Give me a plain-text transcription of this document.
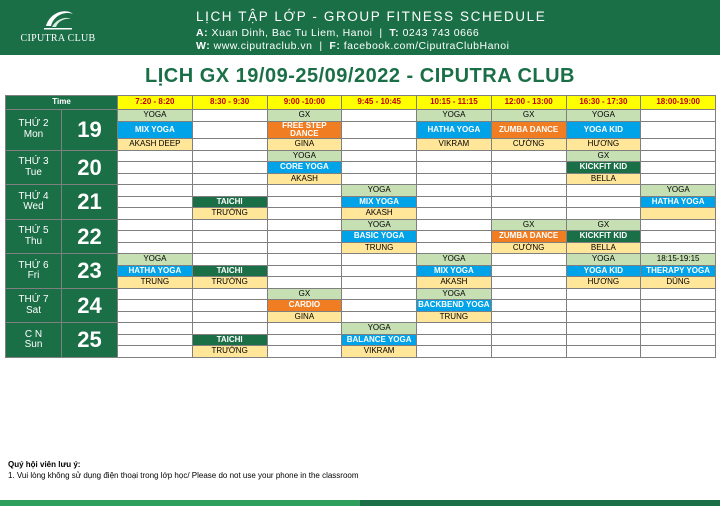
CIPUTRA CLUB
LỊCH TẬP LỚP - GROUP FITNESS SCHEDULE
A: Xuan Dinh, Bac Tu Liem, Hanoi  |  T: 0243 743 0666
W: www.ciputraclub.vn  |  F: facebook.com/CiputraClubHanoi
LỊCH GX 19/09-25/09/2022 - CIPUTRA CLUB
Time		7:20 - 8:20	8:30 - 9:30	9:00 -10:00	9:45 - 10:45	10:15 - 11:15	12:00 - 13:00	16:30 - 17:30	18:00-19:00

THỨ 2
Mon	19	YOGA		GX		YOGA	GX	YOGA	
		MIX YOGA		FREE STEP DANCE		HATHA YOGA	ZUMBA DANCE	YOGA KID	
		AKASH DEEP		GINA		VIKRAM	CƯỜNG	HƯƠNG	

THỨ 3
Tue	20			YOGA				GX	
				CORE YOGA				KICKFIT KID	
				AKASH				BELLA	

THỨ 4
Wed	21				YOGA				YOGA
			TAICHI		MIX YOGA				HATHA YOGA
			TRƯỜNG		AKASH				

THỨ 5
Thu	22				YOGA		GX	GX	
					BASIC YOGA		ZUMBA DANCE	KICKFIT KID	
					TRUNG		CƯỜNG	BELLA	

THỨ 6
Fri	23	YOGA				YOGA		YOGA	18:15-19:15
		HATHA YOGA	TAICHI			MIX YOGA		YOGA KID	THERAPY YOGA
		TRUNG	TRƯỜNG			AKASH		HƯƠNG	DŨNG

THỨ 7
Sat	24			GX		YOGA			
				CARDIO		BACKBEND YOGA			
				GINA		TRUNG			

C N
Sun	25				YOGA				
			TAICHI		BALANCE YOGA				
			TRƯỜNG		VIKRAM				
Quý hội viên lưu ý:
1. Vui lòng không sử dụng điện thoại trong lớp học/ Please do not use your phone in the classroom
